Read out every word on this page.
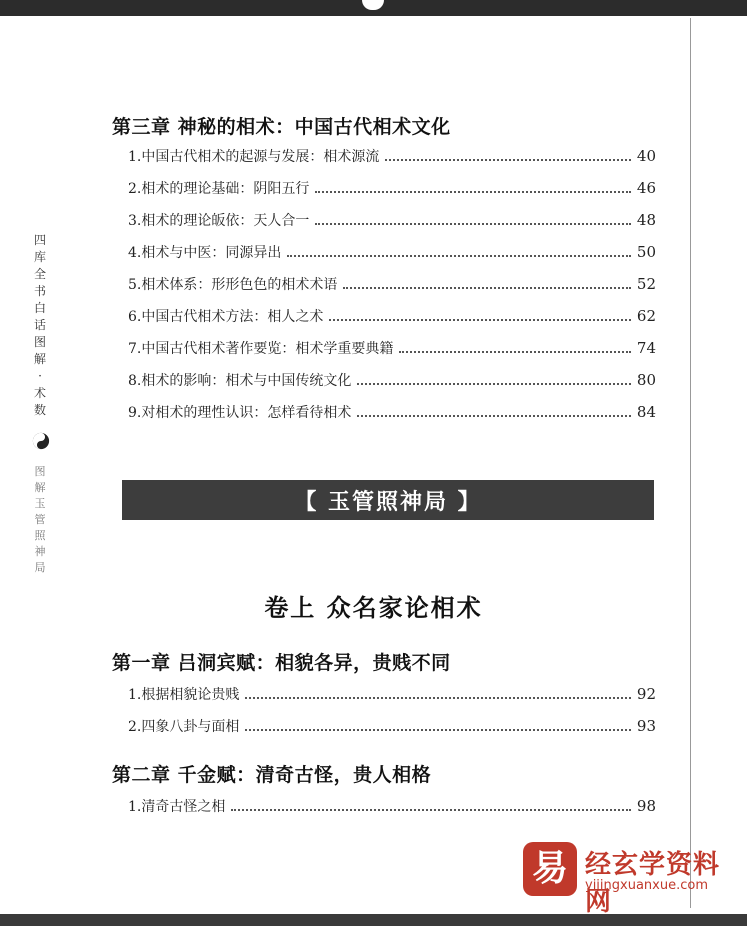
四
库
全
书
白
话
图
解
·
术
数
图
解
玉
管
照
神
局
第三章 神秘的相术：中国古代相术文化
1.中国古代相术的起源与发展：相术源流	40
2.相术的理论基础：阴阳五行	46
3.相术的理论皈依：天人合一	48
4.相术与中医：同源异出	50
5.相术体系：形形色色的相术术语	52
6.中国古代相术方法：相人之术	62
7.中国古代相术著作要览：相术学重要典籍	74
8.相术的影响：相术与中国传统文化	80
9.对相术的理性认识：怎样看待相术	84
【 玉管照神局 】
卷上 众名家论相术
第一章 吕洞宾赋：相貌各异，贵贱不同
1.根据相貌论贵贱	92
2.四象八卦与面相	93
第二章 千金赋：清奇古怪，贵人相格
1.清奇古怪之相	98
易 经玄学资料网
yijingxuanxue.com
